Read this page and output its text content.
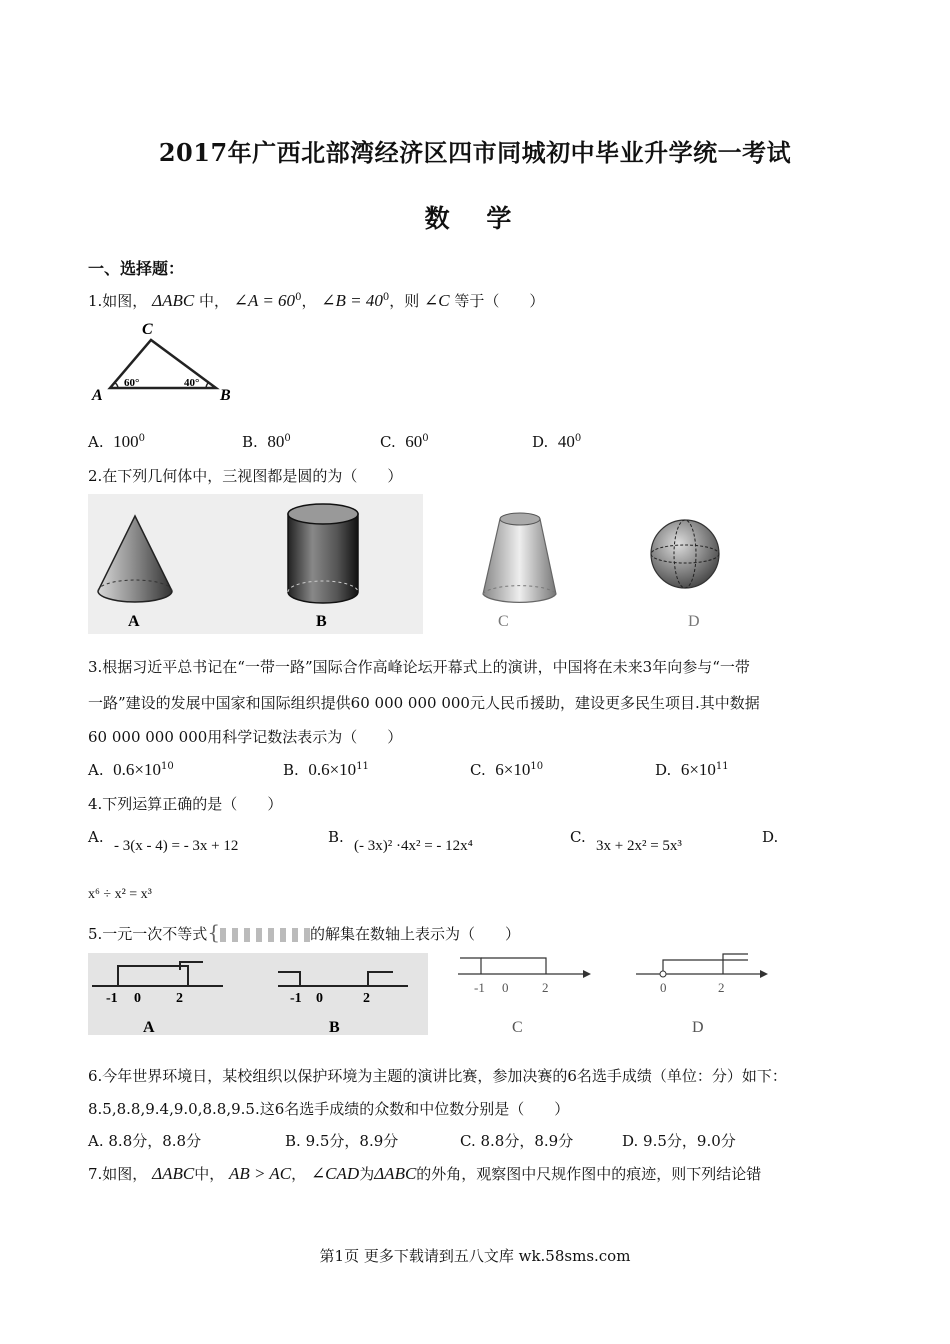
2017年广西北部湾经济区四市同城初中毕业升学统一考试
数 学
一、选择题：
1.如图， ΔABC 中， ∠A = $60^0$， ∠B = $40^0$，则 ∠C 等于（　　）
C
A	B
60°	40°
A. $100^0$	B. $80^0$	C. $60^0$	D. $40^0$
2.在下列几何体中，三视图都是圆的为（　　）
A	B	C	D
3.根据习近平总书记在“一带一路”国际合作高峰论坛开幕式上的演讲，中国将在未来3年向参与“一带
一路”建设的发展中国家和国际组织提供60 000 000 000元人民币援助，建设更多民生项目.其中数据
60 000 000 000用科学记数法表示为（　　）
A. $0.6\times 10^{10}$	B. $0.6\times 10^{11}$	C. $6\times 10^{10}$	D. $6\times 10^{11}$
4.下列运算正确的是（　　）
A. - 3(x - 4) = - 3x + 12	B. (- 3x)² ·4x² = - 12x⁴	C. 3x + 2x² = 5x³	D.
x⁶ ÷ x² = x³
5.一元一次不等式{	的解集在数轴上表示为（　　）
-1 0	2
A
-1 0	2
B
-1 0	2
C
0	2
D
6.今年世界环境日，某校组织以保护环境为主题的演讲比赛，参加决赛的6名选手成绩（单位：分）如下：
8.5,8.8,9.4,9.0,8.8,9.5.这6名选手成绩的众数和中位数分别是（　　）
A. 8.8分，8.8分	B. 9.5分，8.9分	C. 8.8分，8.9分	D. 9.5分，9.0分
7.如图， ΔABC中， AB > AC， ∠CAD为ΔABC的外角，观察图中尺规作图中的痕迹，则下列结论错
第1页 更多下载请到五八文库 wk.58sms.com
